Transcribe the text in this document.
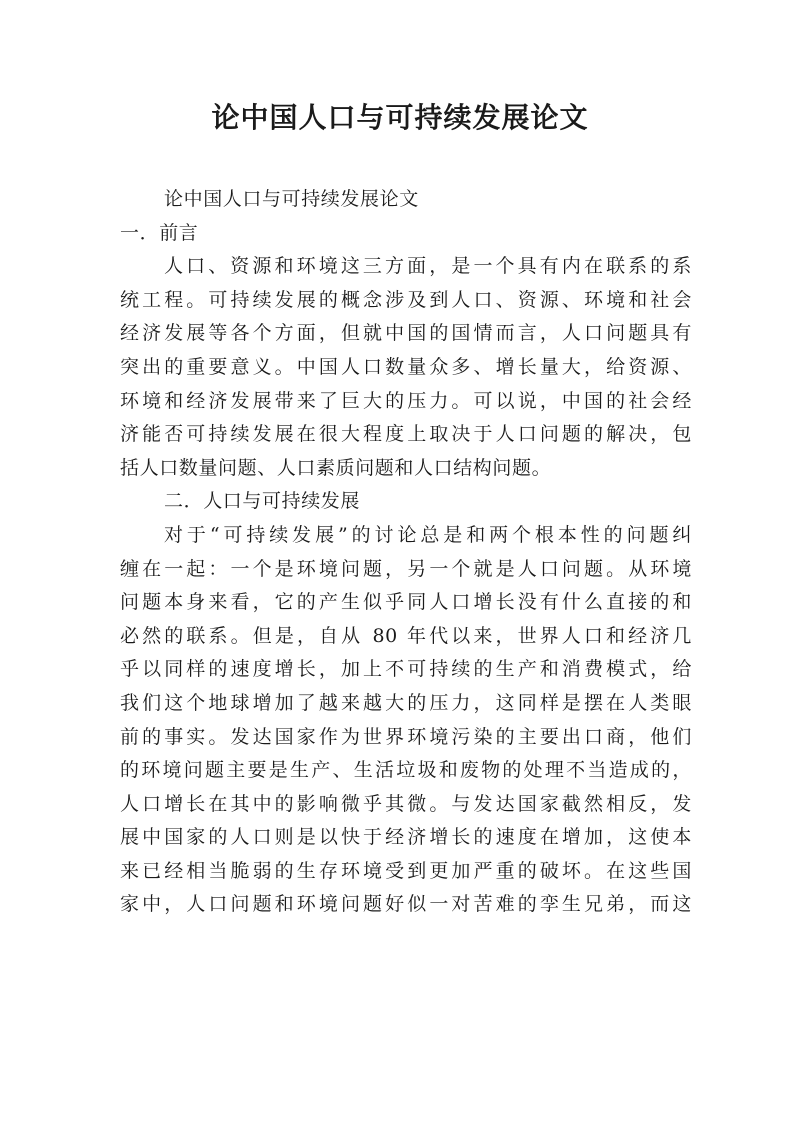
论中国人口与可持续发展论文
论中国人口与可持续发展论文
一．前言
人口、资源和环境这三方面，是一个具有内在联系的系
统工程。可持续发展的概念涉及到人口、资源、环境和社会
经济发展等各个方面，但就中国的国情而言，人口问题具有
突出的重要意义。中国人口数量众多、增长量大，给资源、
环境和经济发展带来了巨大的压力。可以说，中国的社会经
济能否可持续发展在很大程度上取决于人口问题的解决，包
括人口数量问题、人口素质问题和人口结构问题。
二．人口与可持续发展
对于“可持续发展”的讨论总是和两个根本性的问题纠
缠在一起：一个是环境问题，另一个就是人口问题。从环境
问题本身来看，它的产生似乎同人口增长没有什么直接的和
必然的联系。但是，自从 80 年代以来，世界人口和经济几
乎以同样的速度增长，加上不可持续的生产和消费模式，给
我们这个地球增加了越来越大的压力，这同样是摆在人类眼
前的事实。发达国家作为世界环境污染的主要出口商，他们
的环境问题主要是生产、生活垃圾和废物的处理不当造成的，
人口增长在其中的影响微乎其微。与发达国家截然相反，发
展中国家的人口则是以快于经济增长的速度在增加，这使本
来已经相当脆弱的生存环境受到更加严重的破坏。在这些国
家中，人口问题和环境问题好似一对苦难的孪生兄弟，而这
